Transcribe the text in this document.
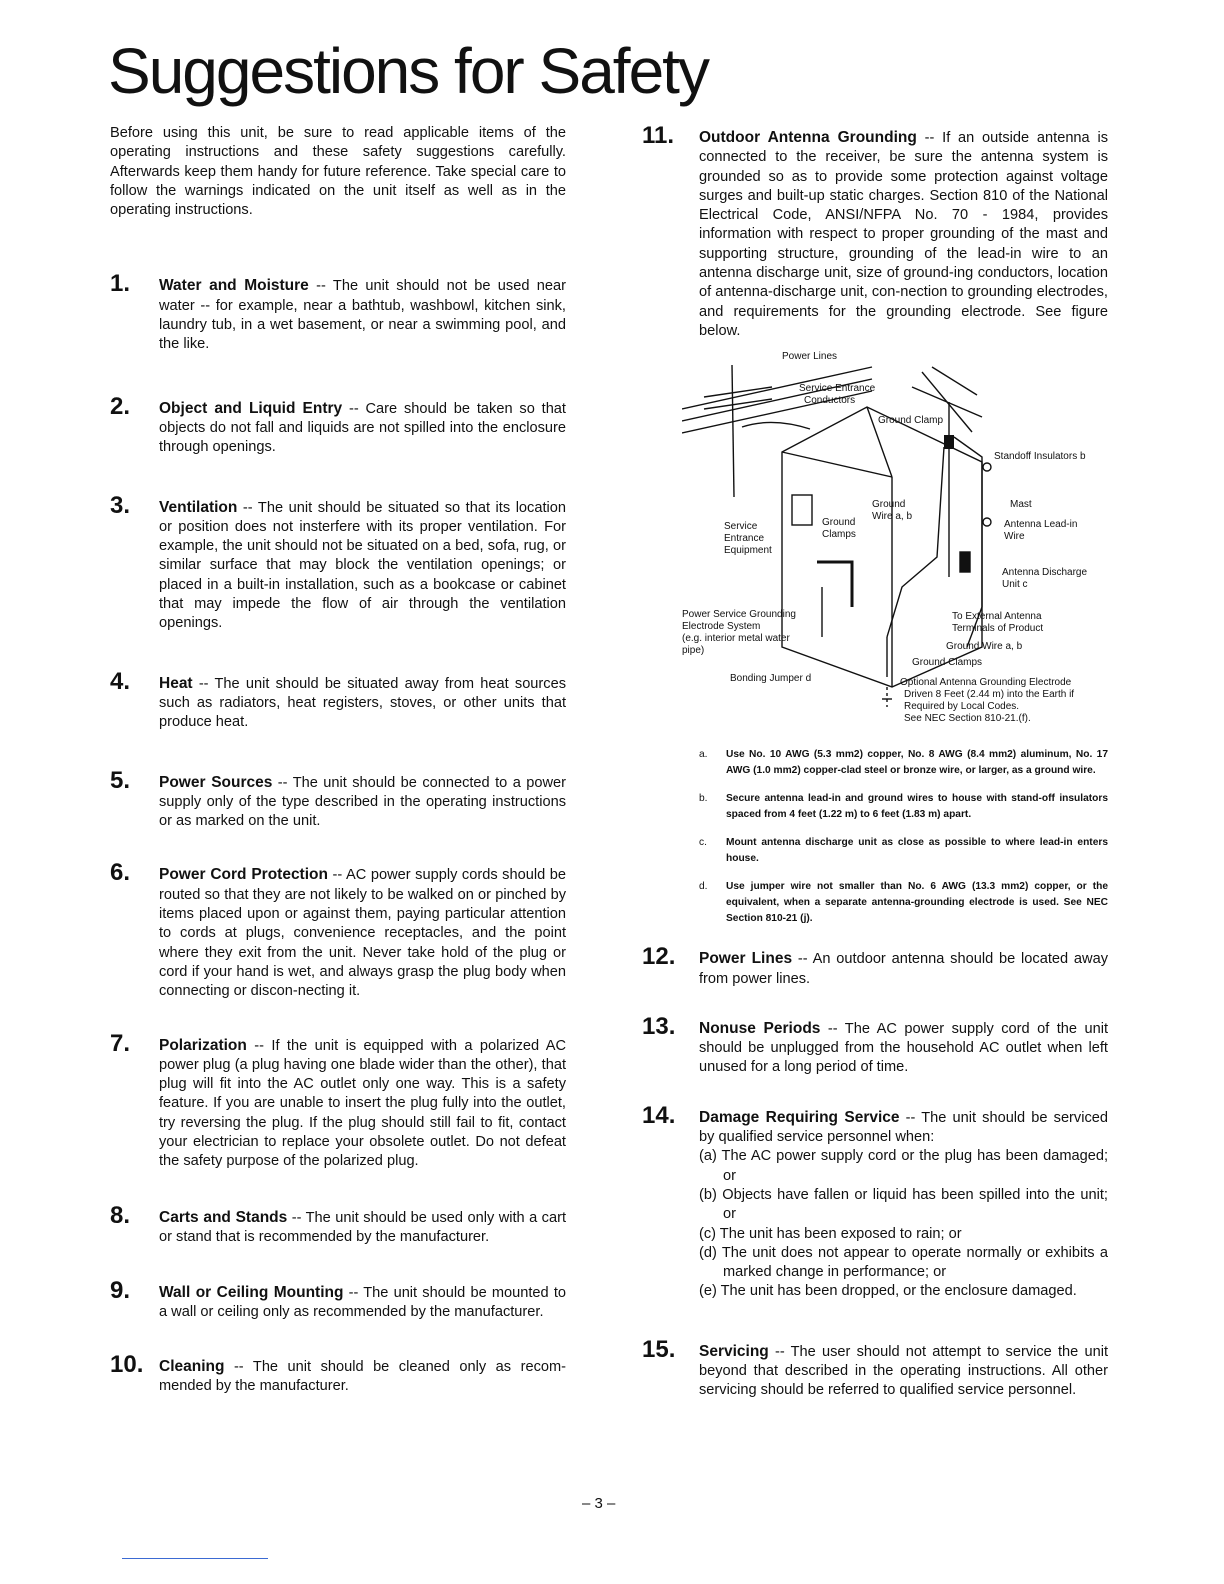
Suggestions for Safety

Before using this unit, be sure to read applicable items of the operating instructions and these safety suggestions carefully. Afterwards keep them handy for future reference. Take special care to follow the warnings indicated on the unit itself as well as in the operating instructions.

1. Water and Moisture -- The unit should not be used near water -- for example, near a bathtub, washbowl, kitchen sink, laundry tub, in a wet basement, or near a swimming pool, and the like.
2. Object and Liquid Entry -- Care should be taken so that objects do not fall and liquids are not spilled into the enclosure through openings.
3. Ventilation -- The unit should be situated so that its location or position does not insterfere with its proper ventilation. For example, the unit should not be situated on a bed, sofa, rug, or similar surface that may block the ventilation openings; or placed in a built-in installation, such as a bookcase or cabinet that may impede the flow of air through the ventilation openings.
4. Heat -- The unit should be situated away from heat sources such as radiators, heat registers, stoves, or other units that produce heat.
5. Power Sources -- The unit should be connected to a power supply only of the type described in the operating instructions or as marked on the unit.
6. Power Cord Protection -- AC power supply cords should be routed so that they are not likely to be walked on or pinched by items placed upon or against them, paying particular attention to cords at plugs, convenience receptacles, and the point where they exit from the unit. Never take hold of the plug or cord if your hand is wet, and always grasp the plug body when connecting or discon-necting it.
7. Polarization -- If the unit is equipped with a polarized AC power plug (a plug having one blade wider than the other), that plug will fit into the AC outlet only one way. This is a safety feature. If you are unable to insert the plug fully into the outlet, try reversing the plug. If the plug should still fail to fit, contact your electrician to replace your obsolete outlet. Do not defeat the safety purpose of the polarized plug.
8. Carts and Stands -- The unit should be used only with a cart or stand that is recommended by the manufacturer.
9. Wall or Ceiling Mounting -- The unit should be mounted to a wall or ceiling only as recommended by the manufacturer.
10. Cleaning -- The unit should be cleaned only as recom-mended by the manufacturer.
11. Outdoor Antenna Grounding -- If an outside antenna is connected to the receiver, be sure the antenna system is grounded so as to provide some protection against voltage surges and built-up static charges. Section 810 of the National Electrical Code, ANSI/NFPA No. 70 - 1984, provides information with respect to proper grounding of the mast and supporting structure, grounding of the lead-in wire to an antenna discharge unit, size of ground-ing conductors, location of antenna-discharge unit, con-nection to grounding electrodes, and requirements for the grounding electrode. See figure below.
Power Lines
Service Entrance
Conductors
Ground Clamp
Standoff Insulators b
Ground
Wire a, b
Mast
Ground
Clamps
Antenna Lead-in
Wire
Service
Entrance
Equipment
Antenna Discharge
Unit c
Power Service Grounding
Electrode System
(e.g. interior metal water
pipe)
To External Antenna
Terminals of Product
Ground Wire a, b
Ground Clamps
Bonding Jumper d	Optional Antenna Grounding Electrode
Driven 8 Feet (2.44 m) into the Earth if
Required by Local Codes.
See NEC Section 810-21.(f).
a. Use No. 10 AWG (5.3 mm2) copper, No. 8 AWG (8.4 mm2) aluminum, No. 17 AWG (1.0 mm2) copper-clad steel or bronze wire, or larger, as a ground wire.
b. Secure antenna lead-in and ground wires to house with stand-off insulators spaced from 4 feet (1.22 m) to 6 feet (1.83 m) apart.
c. Mount antenna discharge unit as close as possible to where lead-in enters house.
d. Use jumper wire not smaller than No. 6 AWG (13.3 mm2) copper, or the equivalent, when a separate antenna-grounding electrode is used. See NEC Section 810-21 (j).
12. Power Lines -- An outdoor antenna should be located away from power lines.
13. Nonuse Periods -- The AC power supply cord of the unit should be unplugged from the household AC outlet when left unused for a long period of time.
14. Damage Requiring Service -- The unit should be serviced by qualified service personnel when:
(a) The AC power supply cord or the plug has been damaged; or
(b) Objects have fallen or liquid has been spilled into the unit; or
(c) The unit has been exposed to rain; or
(d) The unit does not appear to operate normally or exhibits a marked change in performance; or
(e) The unit has been dropped, or the enclosure damaged.
15. Servicing -- The user should not attempt to service the unit beyond that described in the operating instructions. All other servicing should be referred to qualified service personnel.
– 3 –
